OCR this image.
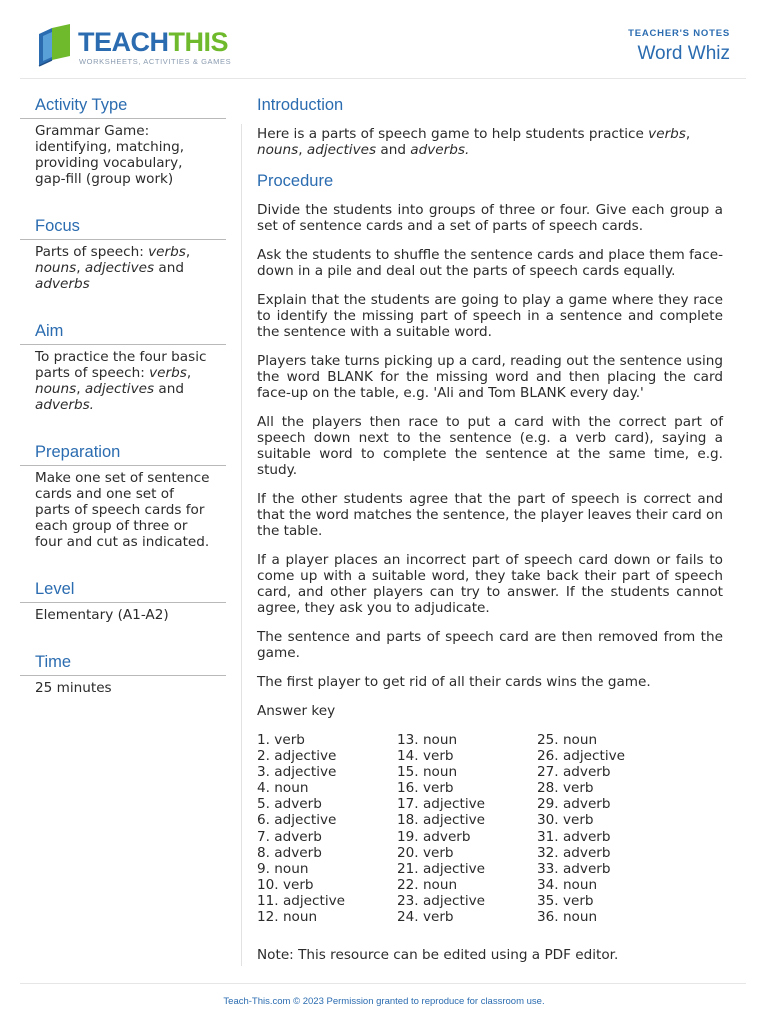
TEACHTHIS
WORKSHEETS, ACTIVITIES & GAMES
TEACHER'S NOTES
Word Whiz
Activity Type
Grammar Game:
identifying, matching,
providing vocabulary,
gap-fill (group work)
Focus
Parts of speech: verbs,
nouns, adjectives and
adverbs
Aim
To practice the four basic parts of speech: verbs,
nouns, adjectives and
adverbs.
Preparation
Make one set of sentence
cards and one set of
parts of speech cards for
each group of three or
four and cut as indicated.
Level
Elementary (A1-A2)
Time
25 minutes
Introduction

Here is a parts of speech game to help students practice verbs,
nouns, adjectives and adverbs.

Procedure

Divide the students into groups of three or four. Give each group a set of sentence cards and a set of parts of speech cards.

Ask the students to shuffle the sentence cards and place them face-down in a pile and deal out the parts of speech cards equally.

Explain that the students are going to play a game where they race to identify the missing part of speech in a sentence and complete the sentence with a suitable word.

Players take turns picking up a card, reading out the sentence using the word BLANK for the missing word and then placing the card face-up on the table, e.g. 'Ali and Tom BLANK every day.'

All the players then race to put a card with the correct part of speech down next to the sentence (e.g. a verb card), saying a suitable word to complete the sentence at the same time, e.g. study.

If the other students agree that the part of speech is correct and that the word matches the sentence, the player leaves their card on the table.

If a player places an incorrect part of speech card down or fails to come up with a suitable word, they take back their part of speech card, and other players can try to answer. If the students cannot agree, they ask you to adjudicate.

The sentence and parts of speech card are then removed from the game.

The first player to get rid of all their cards wins the game.

Answer key

1. verb
2. adjective
3. adjective
4. noun
5. adverb
6. adjective
7. adverb
8. adverb
9. noun
10. verb
11. adjective
12. noun
13. noun
14. verb
15. noun
16. verb
17. adjective
18. adjective
19. adverb
20. verb
21. adjective
22. noun
23. adjective
24. verb
25. noun
26. adjective
27. adverb
28. verb
29. adverb
30. verb
31. adverb
32. adverb
33. adverb
34. noun
35. verb
36. noun

Note: This resource can be edited using a PDF editor.

Teach-This.com © 2023 Permission granted to reproduce for classroom use.
